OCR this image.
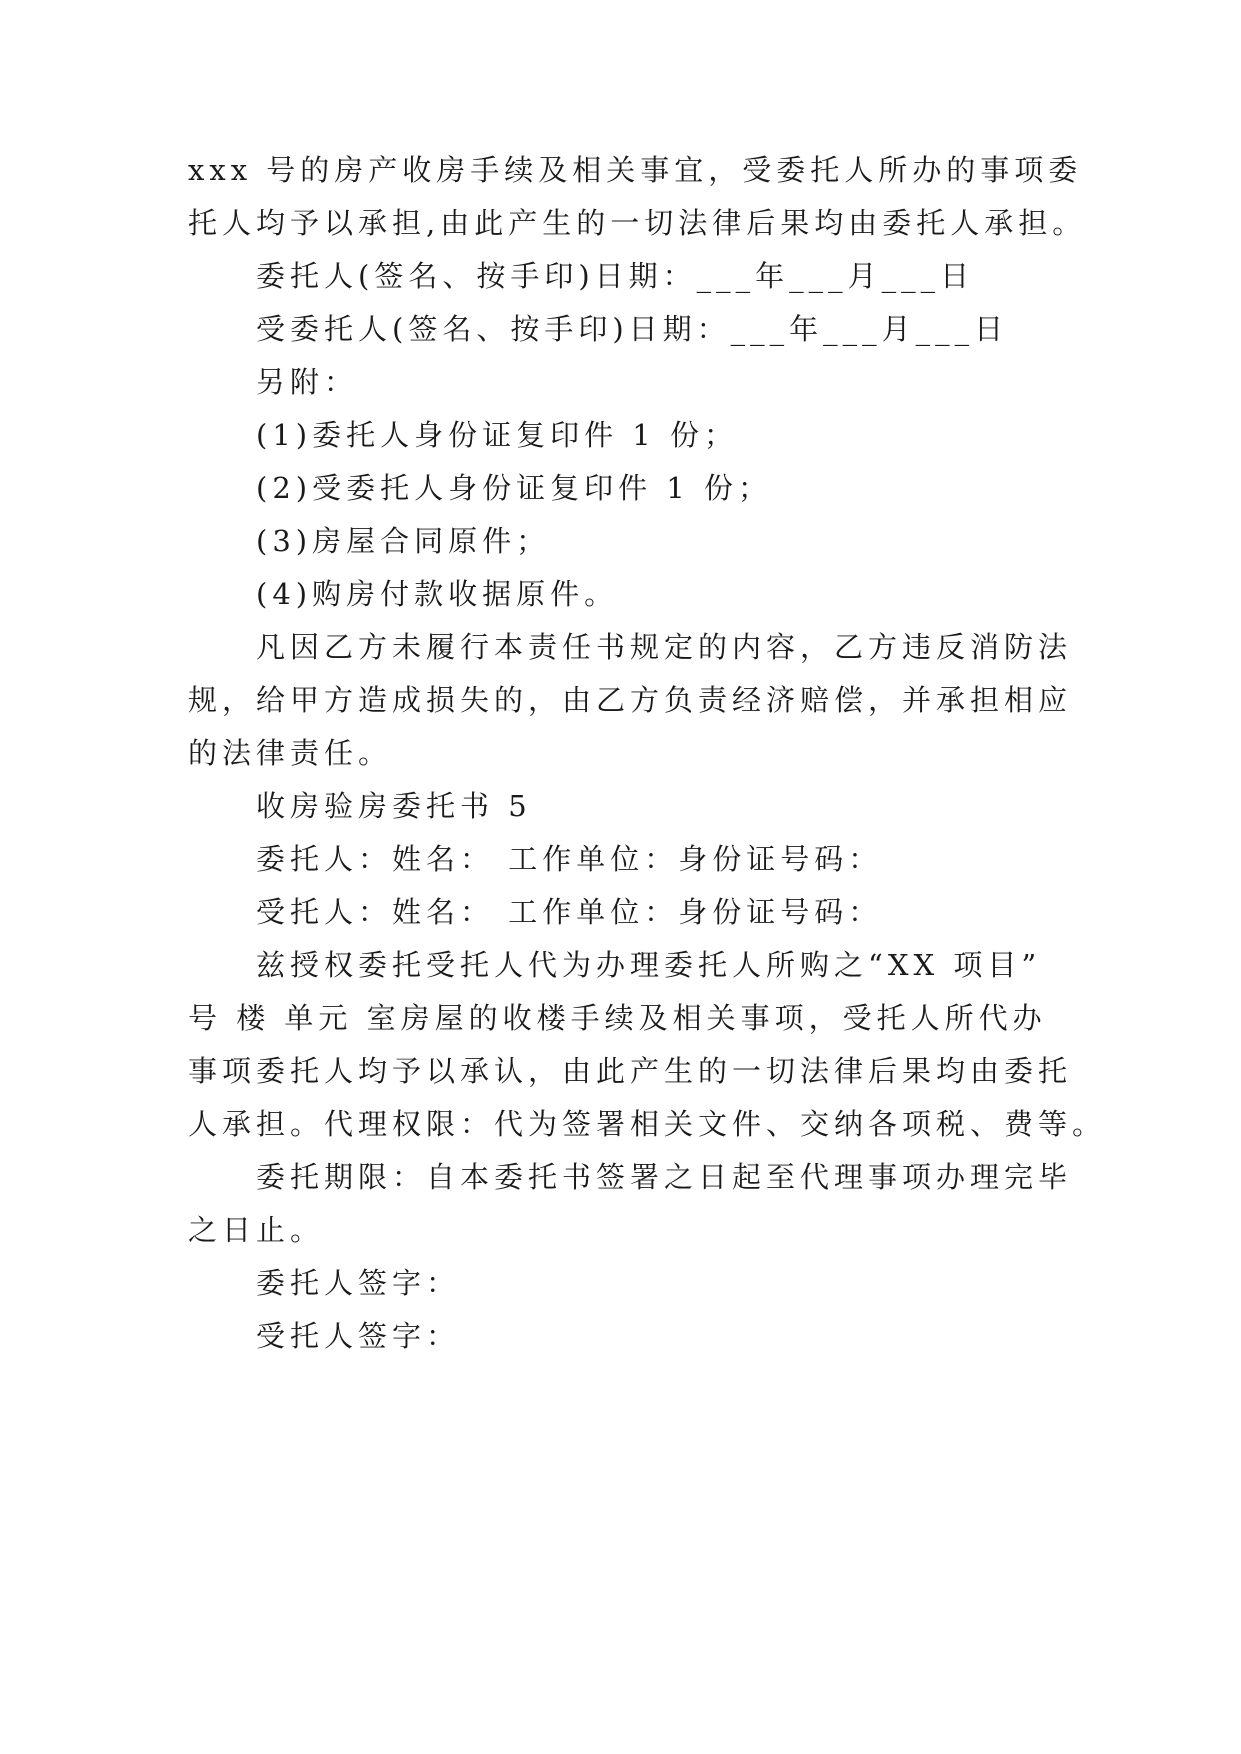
xxx 号的房产收房手续及相关事宜，受委托人所办的事项委
托人均予以承担,由此产生的一切法律后果均由委托人承担。
委托人(签名、按手印)日期：___年___月___日
受委托人(签名、按手印)日期：___年___月___日
另附：
(1)委托人身份证复印件 1 份；
(2)受委托人身份证复印件 1 份；
(3)房屋合同原件；
(4)购房付款收据原件。
凡因乙方未履行本责任书规定的内容，乙方违反消防法
规，给甲方造成损失的，由乙方负责经济赔偿，并承担相应
的法律责任。
收房验房委托书 5
委托人：姓名： 工作单位：身份证号码：
受托人：姓名： 工作单位：身份证号码：
兹授权委托受托人代为办理委托人所购之“XX 项目”
号 楼 单元 室房屋的收楼手续及相关事项，受托人所代办
事项委托人均予以承认，由此产生的一切法律后果均由委托
人承担。代理权限：代为签署相关文件、交纳各项税、费等。
委托期限：自本委托书签署之日起至代理事项办理完毕
之日止。
委托人签字：
受托人签字：
